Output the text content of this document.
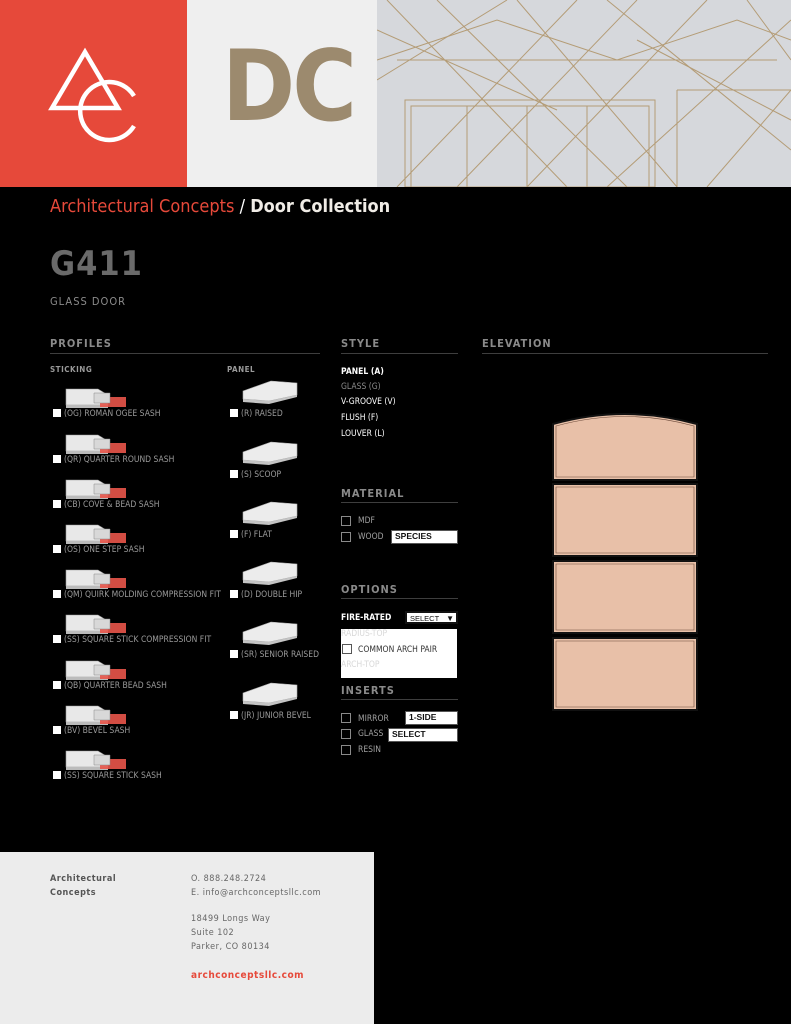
DC
Architectural Concepts / Door Collection
G411
GLASS DOOR
PROFILES	STYLE	ELEVATION
STICKING	PANEL
(OG) ROMAN OGEE SASH
(QR) QUARTER ROUND SASH
(CB) COVE & BEAD SASH
(OS) ONE STEP SASH
(QM) QUIRK MOLDING COMPRESSION FIT
(SS) SQUARE STICK COMPRESSION FIT
(QB) QUARTER BEAD SASH
(BV) BEVEL SASH
(SS) SQUARE STICK SASH
(R) RAISED
(S) SCOOP
(F) FLAT
(D) DOUBLE HIP
(SR) SENIOR RAISED
(JR) JUNIOR BEVEL
PANEL (A)
GLASS (G)
V-GROOVE (V)
FLUSH (F)
LOUVER (L)
MATERIAL
MDF
WOOD	SPECIES
OPTIONS
FIRE-RATED	SELECT ▼
RADIUS-TOP
COMMON ARCH PAIR
ARCH-TOP
INSERTS
MIRROR	1-SIDE
GLASS	SELECT
RESIN
Architectural
Concepts
O. 888.248.2724
E. info@archconceptsllc.com
18499 Longs Way
Suite 102
Parker, CO 80134
archconceptsllc.com
